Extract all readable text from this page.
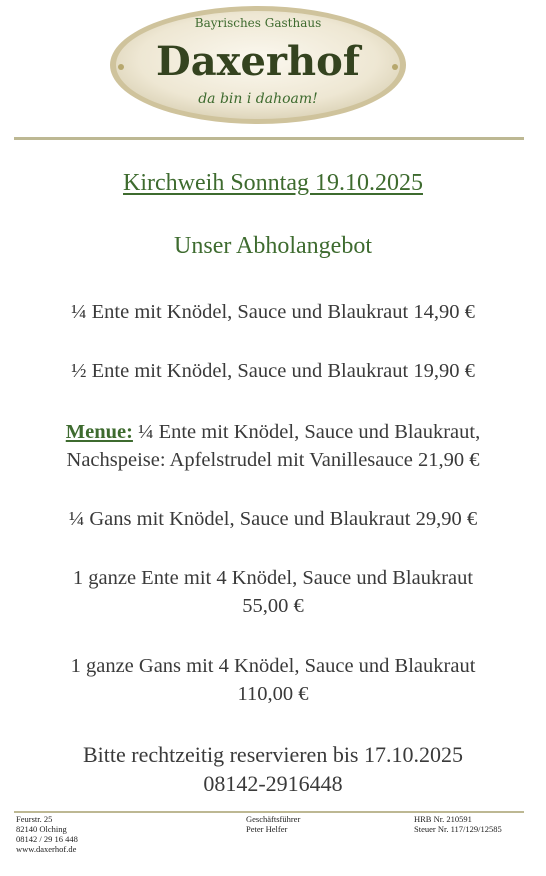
Bayrisches Gasthaus
Daxerhof
da bin i dahoam!
Kirchweih Sonntag 19.10.2025
Unser Abholangebot
¼ Ente mit Knödel, Sauce und Blaukraut 14,90 €
½ Ente mit Knödel, Sauce und Blaukraut 19,90 €
Menue: ¼ Ente mit Knödel, Sauce und Blaukraut,
Nachspeise: Apfelstrudel mit Vanillesauce 21,90 €
¼ Gans mit Knödel, Sauce und Blaukraut 29,90 €
1 ganze Ente mit 4 Knödel, Sauce und Blaukraut
55,00 €
1 ganze Gans mit 4 Knödel, Sauce und Blaukraut
110,00 €
Bitte rechtzeitig reservieren bis 17.10.2025
08142-2916448
Feurstr. 25
82140 Olching
08142 / 29 16 448
www.daxerhof.de
Geschäftsführer
Peter Helfer
HRB Nr. 210591
Steuer Nr. 117/129/12585
